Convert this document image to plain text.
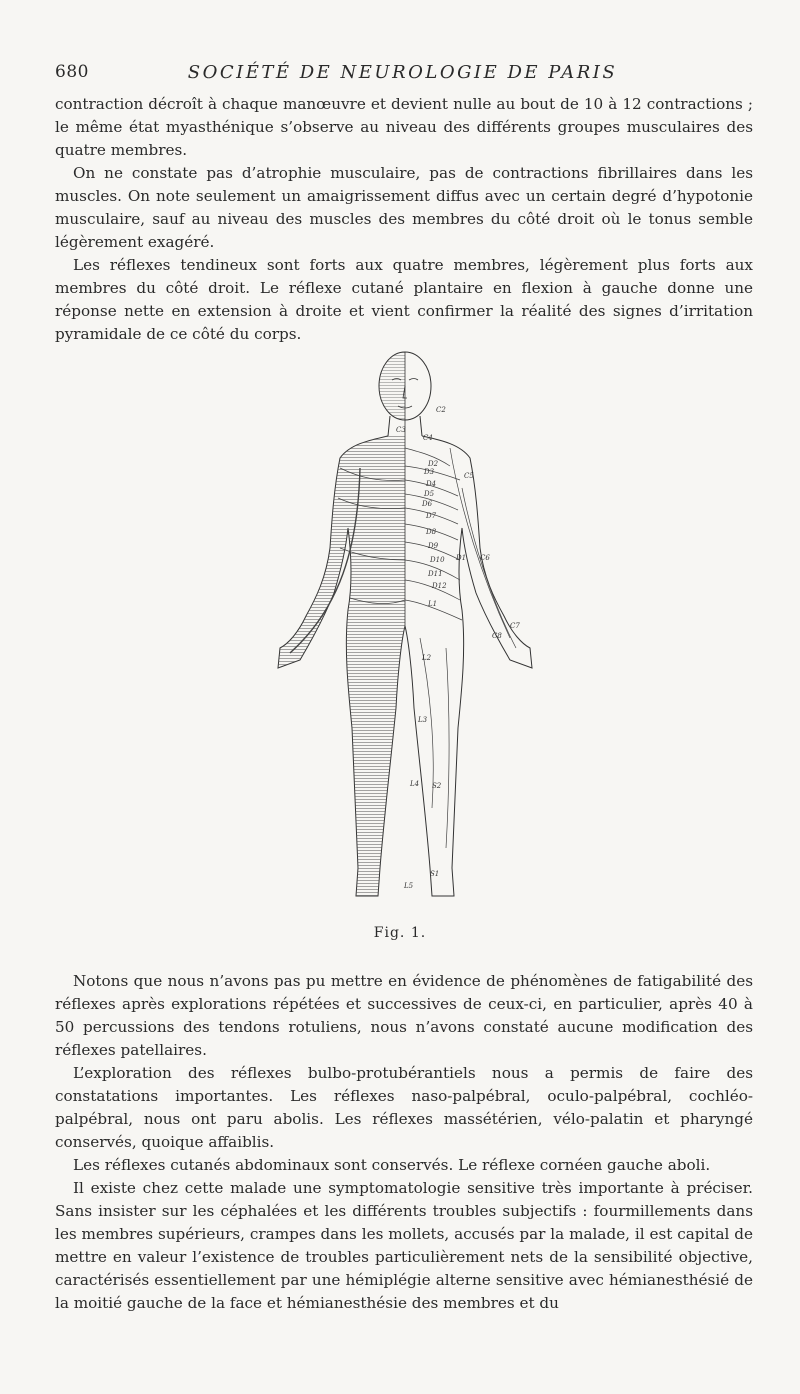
680	SOCIÉTÉ DE NEUROLOGIE DE PARIS

contraction décroît à chaque manœuvre et devient nulle au bout de 10 à 12 contractions ; le même état myasthénique s’observe au niveau des différents groupes musculaires des quatre membres.

On ne constate pas d’atrophie musculaire, pas de contractions fibrillaires dans les muscles. On note seulement un amaigrissement diffus avec un certain degré d’hypotonie musculaire, sauf au niveau des muscles des membres du côté droit où le tonus semble légèrement exagéré.

Les réflexes tendineux sont forts aux quatre membres, légèrement plus forts aux membres du côté droit. Le réflexe cutané plantaire en flexion à gauche donne une réponse nette en extension à droite et vient confirmer la réalité des signes d’irritation pyramidale de ce côté du corps.

C2
C3
C4
C5
C6
C7
C8
D2
D3
D4
D5
D6
D7
D8
D9
D10
D11
D12
D1
L1
L2
L3
L4
L5
S1
S2
Fig. 1.

Notons que nous n’avons pas pu mettre en évidence de phénomènes de fatigabilité des réflexes après explorations répétées et successives de ceux-ci, en particulier, après 40 à 50 percussions des tendons rotuliens, nous n’avons constaté aucune modification des réflexes patellaires.

L’exploration des réflexes bulbo-protubérantiels nous a permis de faire des constatations importantes. Les réflexes naso-palpébral, oculo-palpébral, cochléo-palpébral, nous ont paru abolis. Les réflexes massétérien, vélo-palatin et pharyngé conservés, quoique affaiblis.

Les réflexes cutanés abdominaux sont conservés. Le réflexe cornéen gauche aboli.

Il existe chez cette malade une symptomatologie sensitive très importante à préciser. Sans insister sur les céphalées et les différents troubles subjectifs : fourmillements dans les membres supérieurs, crampes dans les mollets, accusés par la malade, il est capital de mettre en valeur l’existence de troubles particulièrement nets de la sensibilité objective, caractérisés essentiellement par une hémiplégie alterne sensitive avec hémianesthésié de la moitié gauche de la face et hémianesthésie des membres et du
